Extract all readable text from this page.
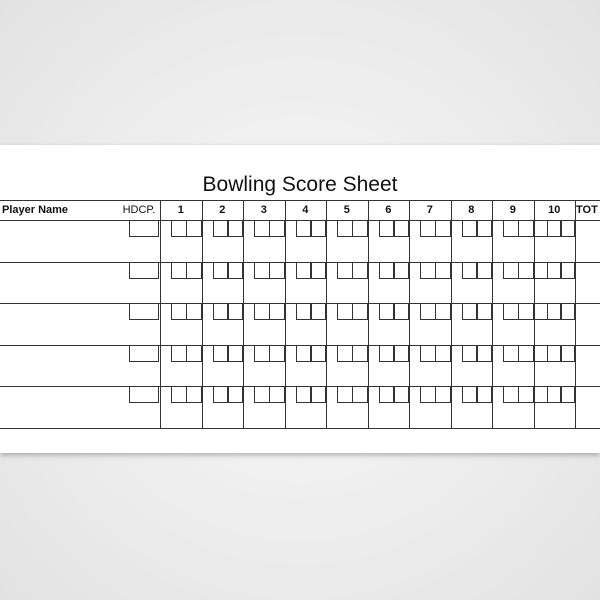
Bowling Score Sheet
Player Name	HDCP.	1	2	3	4	5	6	7	8	9	10	TOT
